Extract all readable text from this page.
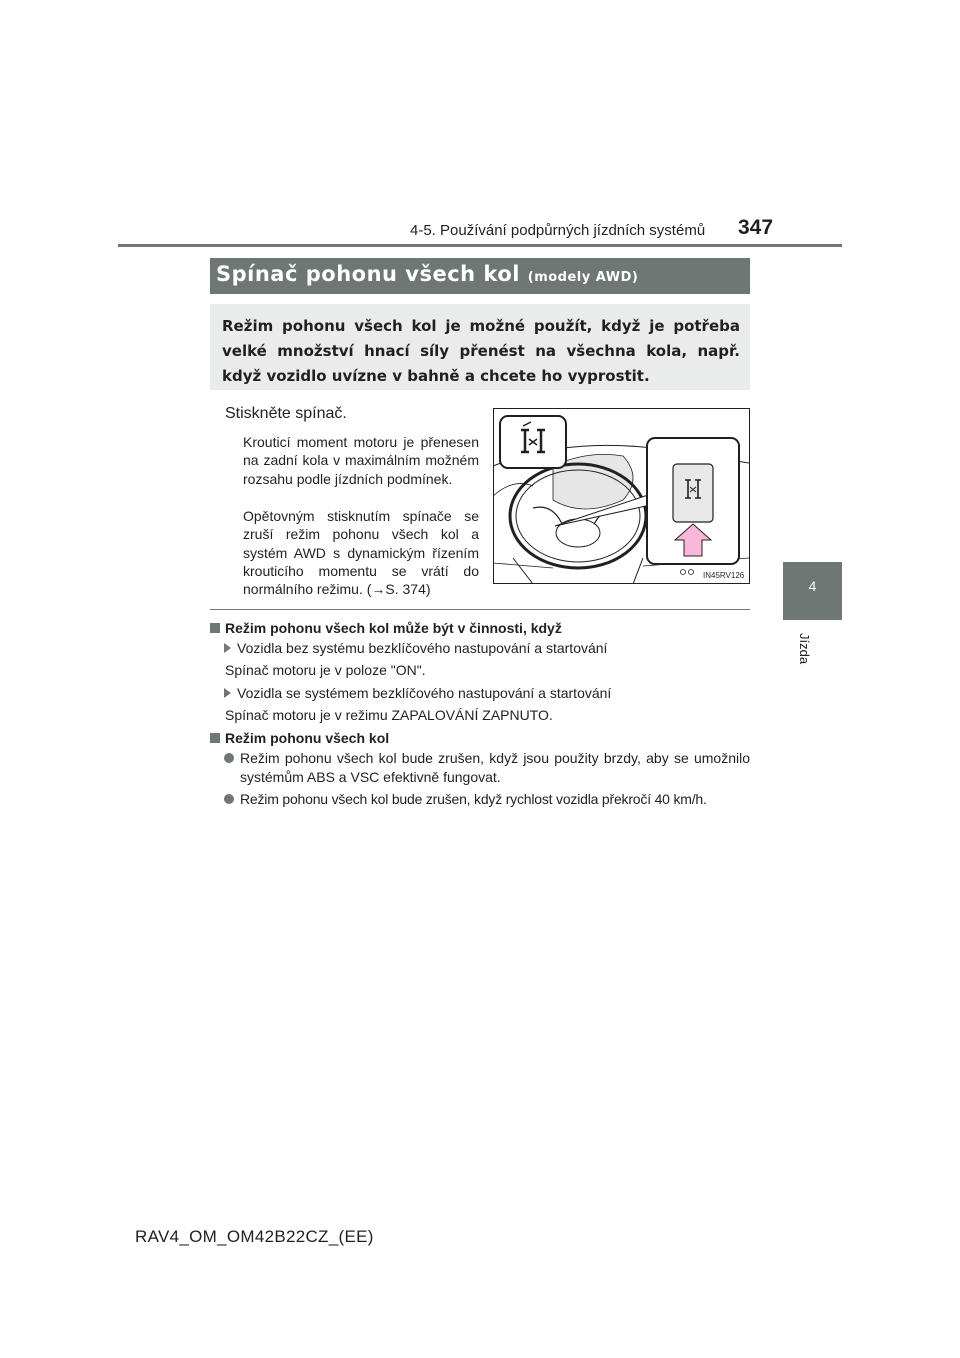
4-5. Používání podpůrných jízdních systémů 347
4
Jízda
Spínač pohonu všech kol (modely AWD)
Režim pohonu všech kol je možné použít, když je potřeba velké množství hnací síly přenést na všechna kola, např. když vozidlo uvízne v bahně a chcete ho vyprostit.
Stiskněte spínač.
Krouticí moment motoru je přenesen na zadní kola v maximálním možném rozsahu podle jízdních podmínek.
Opětovným stisknutím spínače se zruší režim pohonu všech kol a systém AWD s dynamickým řízením krouticího momentu se vrátí do normálního režimu. (→S. 374)
IN45RV126
Režim pohonu všech kol může být v činnosti, když
Vozidla bez systému bezklíčového nastupování a startování
Spínač motoru je v poloze "ON".
Vozidla se systémem bezklíčového nastupování a startování
Spínač motoru je v režimu ZAPALOVÁNÍ ZAPNUTO.
Režim pohonu všech kol
Režim pohonu všech kol bude zrušen, když jsou použity brzdy, aby se umožnilo systémům ABS a VSC efektivně fungovat.
Režim pohonu všech kol bude zrušen, když rychlost vozidla překročí 40 km/h.
RAV4_OM_OM42B22CZ_(EE)
